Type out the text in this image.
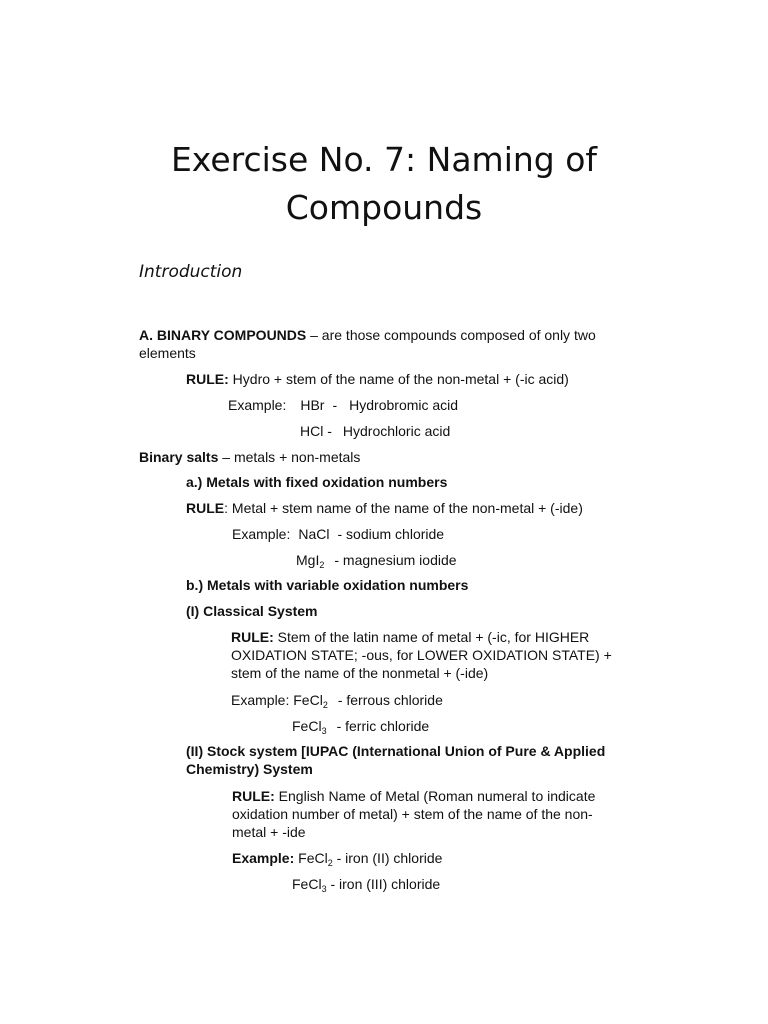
Exercise No. 7: Naming of Compounds

Introduction

A. BINARY COMPOUNDS – are those compounds composed of only two elements

RULE: Hydro + stem of the name of the non-metal + (-ic acid)

Example: HBr - Hydrobromic acid

HCl - Hydrochloric acid

Binary salts – metals + non-metals

a.) Metals with fixed oxidation numbers

RULE: Metal + stem name of the name of the non-metal + (-ide)

Example: NaCl - sodium chloride

MgI$_2$ - magnesium iodide

b.) Metals with variable oxidation numbers

(I) Classical System

RULE: Stem of the latin name of metal + (-ic, for HIGHER OXIDATION STATE; -ous, for LOWER OXIDATION STATE) + stem of the name of the nonmetal + (-ide)

Example: FeCl$_2$ - ferrous chloride

FeCl$_3$ - ferric chloride

(II) Stock system [IUPAC (International Union of Pure & Applied Chemistry) System

RULE: English Name of Metal (Roman numeral to indicate oxidation number of metal) + stem of the name of the non-metal + -ide

Example: FeCl$_2$ - iron (II) chloride

FeCl$_3$ - iron (III) chloride
